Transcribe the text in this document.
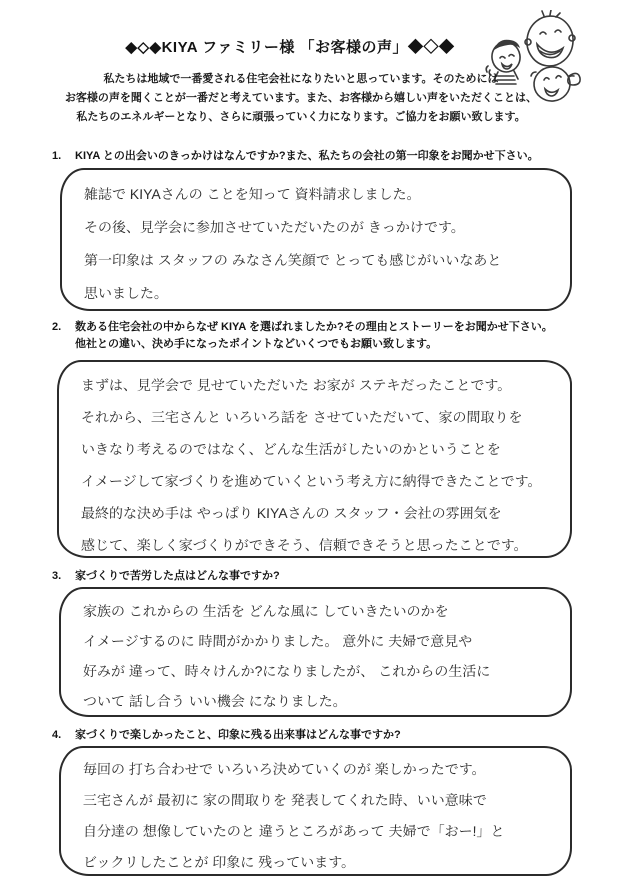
◆◇◆KIYA ファミリー様 「お客様の声」◆◇◆
私たちは地域で一番愛される住宅会社になりたいと思っています。そのためには
お客様の声を聞くことが一番だと考えています。また、お客様から嬉しい声をいただくことは、
私たちのエネルギーとなり、さらに頑張っていく力になります。ご協力をお願い致します。
1. KIYA との出会いのきっかけはなんですか?また、私たちの会社の第一印象をお聞かせ下さい。
雑誌で KIYAさんの ことを知って 資料請求しました。
その後、見学会に参加させていただいたのが きっかけです。
第一印象は スタッフの みなさん笑顔で とっても感じがいいなあと
思いました。
2. 数ある住宅会社の中からなぜ KIYA を選ばれましたか?その理由とストーリーをお聞かせ下さい。
他社との違い、決め手になったポイントなどいくつでもお願い致します。
まずは、見学会で 見せていただいた お家が ステキだったことです。
それから、三宅さんと いろいろ話を させていただいて、家の間取りを
いきなり考えるのではなく、どんな生活がしたいのかということを
イメージして家づくりを進めていくという考え方に納得できたことです。
最終的な決め手は やっぱり KIYAさんの スタッフ・会社の雰囲気を
感じて、楽しく家づくりができそう、信頼できそうと思ったことです。
3. 家づくりで苦労した点はどんな事ですか?
家族の これからの 生活を どんな風に していきたいのかを
イメージするのに 時間がかかりました。 意外に 夫婦で意見や
好みが 違って、時々けんか?になりましたが、 これからの生活に
ついて 話し合う いい機会 になりました。
4. 家づくりで楽しかったこと、印象に残る出来事はどんな事ですか?
毎回の 打ち合わせで いろいろ決めていくのが 楽しかったです。
三宅さんが 最初に 家の間取りを 発表してくれた時、いい意味で
自分達の 想像していたのと 違うところがあって 夫婦で「おー!」と
ビックリしたことが 印象に 残っています。
